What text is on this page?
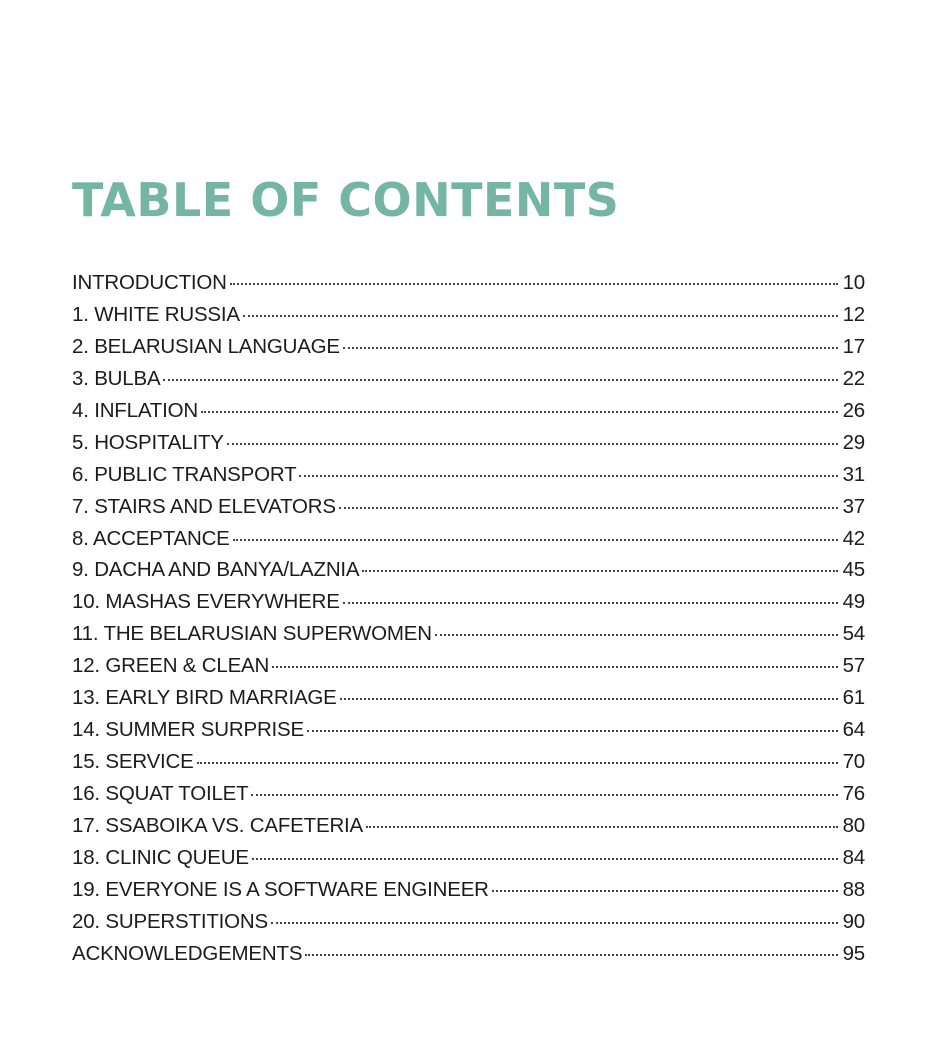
TABLE OF CONTENTS
INTRODUCTION	10
1. WHITE RUSSIA	12
2. BELARUSIAN LANGUAGE	17
3. BULBA	22
4. INFLATION	26
5. HOSPITALITY	29
6. PUBLIC TRANSPORT	31
7. STAIRS AND ELEVATORS	37
8. ACCEPTANCE	42
9. DACHA AND BANYA/LAZNIA	45
10. MASHAS EVERYWHERE	49
11. THE BELARUSIAN SUPERWOMEN	54
12. GREEN & CLEAN	57
13. EARLY BIRD MARRIAGE	61
14. SUMMER SURPRISE	64
15. SERVICE	70
16. SQUAT TOILET	76
17. SSABOIKA VS. CAFETERIA	80
18. CLINIC QUEUE	84
19. EVERYONE IS A SOFTWARE ENGINEER	88
20. SUPERSTITIONS	90
ACKNOWLEDGEMENTS	95
